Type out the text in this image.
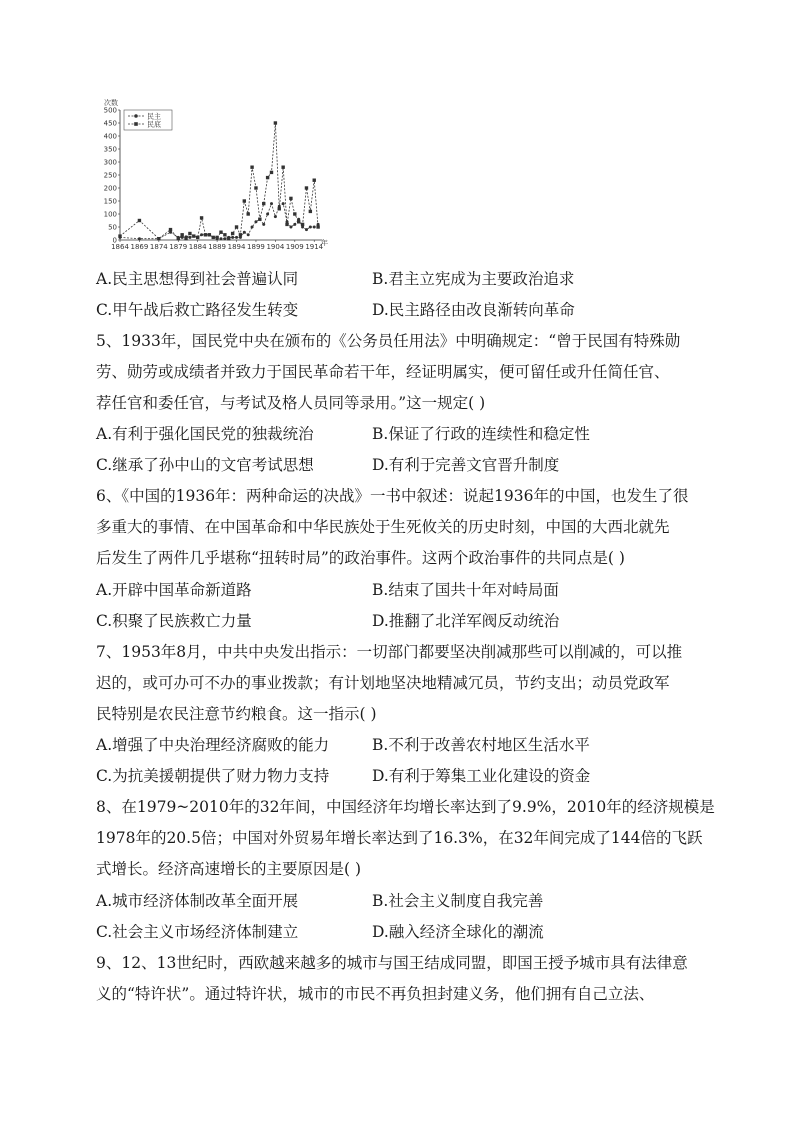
次数
年
0
50
100
150
200
250
300
350
400
450
500
1864 1869 1874 1879 1884 1889 1894 1899 1904 1909 1914
民主
民底
A.民主思想得到社会普遍认同	B.君主立宪成为主要政治追求
C.甲午战后救亡路径发生转变	D.民主路径由改良渐转向革命

5、1933年，国民党中央在颁布的《公务员任用法》中明确规定：“曾于民国有特殊勋

劳、勋劳或成绩者并致力于国民革命若干年，经证明属实，便可留任或升任简任官、

荐任官和委任官，与考试及格人员同等录用。”这一规定( )

A.有利于强化国民党的独裁统治	B.保证了行政的连续性和稳定性
C.继承了孙中山的文官考试思想	D.有利于完善文官晋升制度

6、《中国的1936年：两种命运的决战》一书中叙述：说起1936年的中国，也发生了很

多重大的事情、在中国革命和中华民族处于生死攸关的历史时刻，中国的大西北就先

后发生了两件几乎堪称“扭转时局”的政治事件。这两个政治事件的共同点是( )

A.开辟中国革命新道路	B.结束了国共十年对峙局面
C.积聚了民族救亡力量	D.推翻了北洋军阀反动统治

7、1953年8月，中共中央发出指示：一切部门都要坚决削减那些可以削减的，可以推

迟的，或可办可不办的事业拨款；有计划地坚决地精减冗员，节约支出；动员党政军

民特别是农民注意节约粮食。这一指示( )

A.增强了中央治理经济腐败的能力	B.不利于改善农村地区生活水平
C.为抗美援朝提供了财力物力支持	D.有利于筹集工业化建设的资金

8、在1979~2010年的32年间，中国经济年均增长率达到了9.9%，2010年的经济规模是

1978年的20.5倍；中国对外贸易年增长率达到了16.3%，在32年间完成了144倍的飞跃

式增长。经济高速增长的主要原因是( )

A.城市经济体制改革全面开展	B.社会主义制度自我完善
C.社会主义市场经济体制建立	D.融入经济全球化的潮流

9、12、13世纪时，西欧越来越多的城市与国王结成同盟，即国王授予城市具有法律意

义的“特许状”。通过特许状，城市的市民不再负担封建义务，他们拥有自己立法、
